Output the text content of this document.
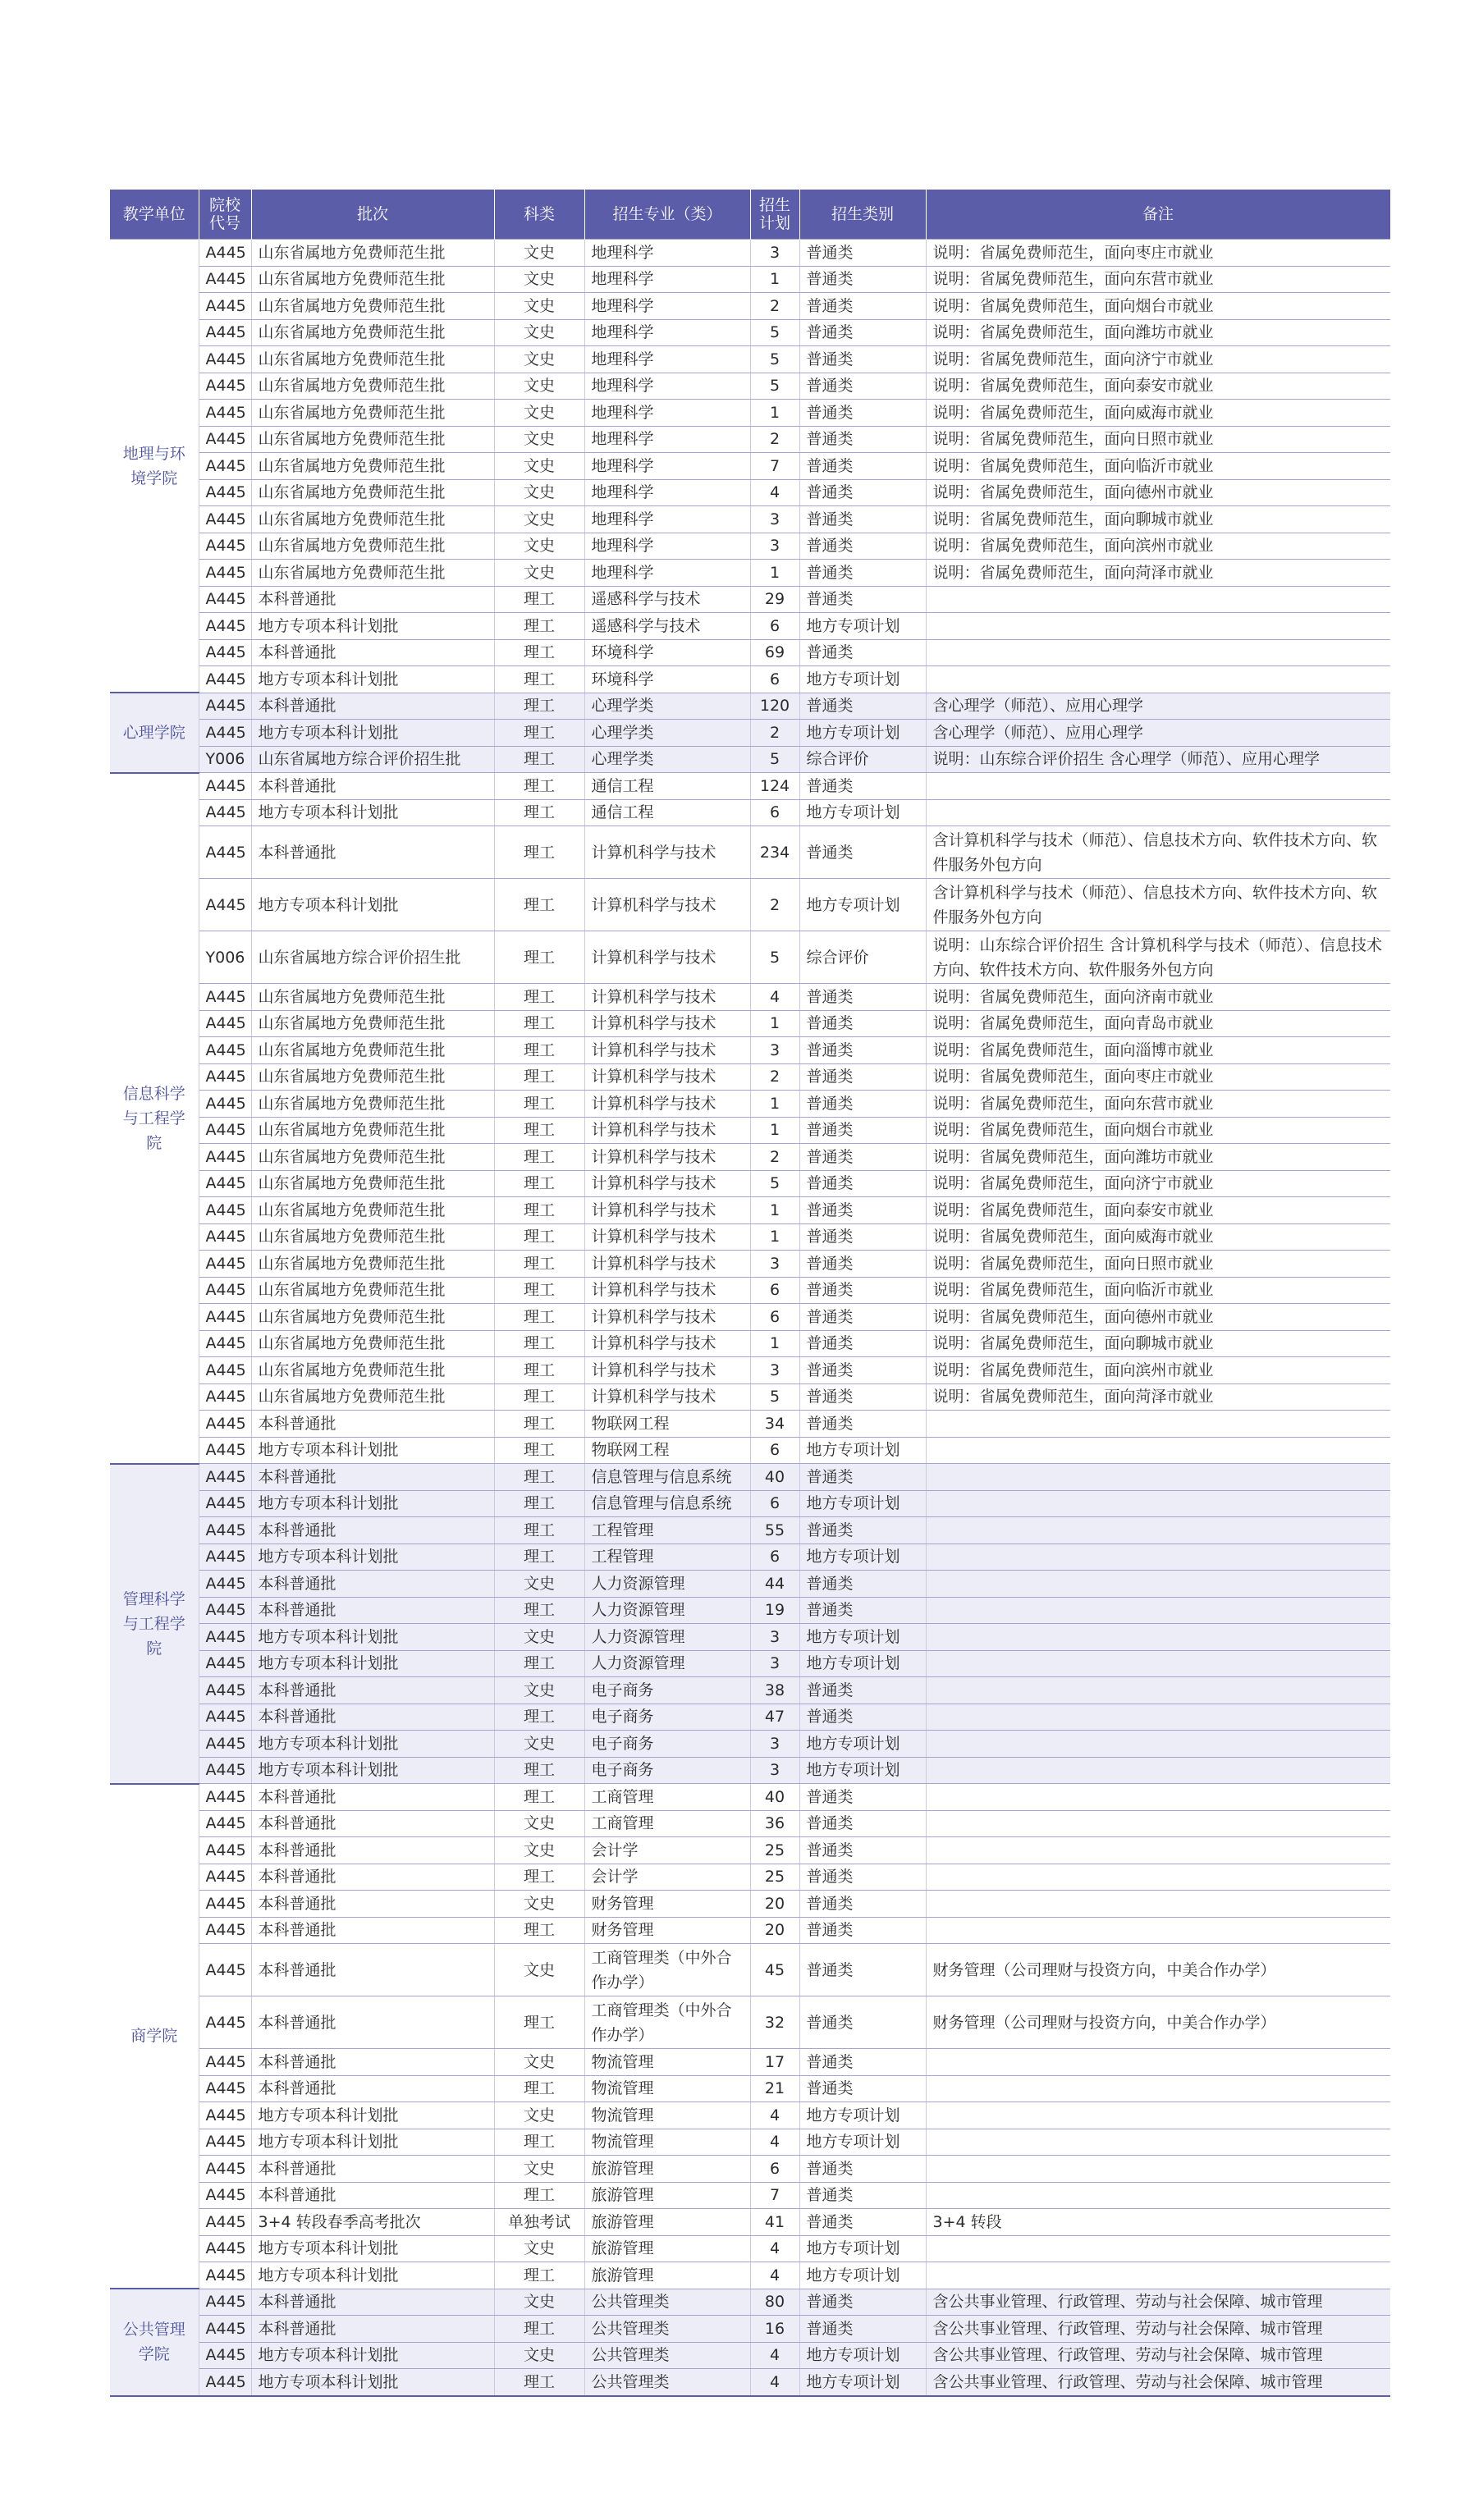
教学单位	院校
代号	批次	科类	招生专业（类）	招生
计划	招生类别	备注
地理与环境学院	A445	山东省属地方免费师范生批	文史	地理科学	3	普通类	说明：省属免费师范生，面向枣庄市就业
	A445	山东省属地方免费师范生批	文史	地理科学	1	普通类	说明：省属免费师范生，面向东营市就业
	A445	山东省属地方免费师范生批	文史	地理科学	2	普通类	说明：省属免费师范生，面向烟台市就业
	A445	山东省属地方免费师范生批	文史	地理科学	5	普通类	说明：省属免费师范生，面向潍坊市就业
	A445	山东省属地方免费师范生批	文史	地理科学	5	普通类	说明：省属免费师范生，面向济宁市就业
	A445	山东省属地方免费师范生批	文史	地理科学	5	普通类	说明：省属免费师范生，面向泰安市就业
	A445	山东省属地方免费师范生批	文史	地理科学	1	普通类	说明：省属免费师范生，面向威海市就业
	A445	山东省属地方免费师范生批	文史	地理科学	2	普通类	说明：省属免费师范生，面向日照市就业
	A445	山东省属地方免费师范生批	文史	地理科学	7	普通类	说明：省属免费师范生，面向临沂市就业
	A445	山东省属地方免费师范生批	文史	地理科学	4	普通类	说明：省属免费师范生，面向德州市就业
	A445	山东省属地方免费师范生批	文史	地理科学	3	普通类	说明：省属免费师范生，面向聊城市就业
	A445	山东省属地方免费师范生批	文史	地理科学	3	普通类	说明：省属免费师范生，面向滨州市就业
	A445	山东省属地方免费师范生批	文史	地理科学	1	普通类	说明：省属免费师范生，面向菏泽市就业
	A445	本科普通批	理工	遥感科学与技术	29	普通类	
	A445	地方专项本科计划批	理工	遥感科学与技术	6	地方专项计划	
	A445	本科普通批	理工	环境科学	69	普通类	
	A445	地方专项本科计划批	理工	环境科学	6	地方专项计划	
心理学院	A445	本科普通批	理工	心理学类	120	普通类	含心理学（师范）、应用心理学
	A445	地方专项本科计划批	理工	心理学类	2	地方专项计划	含心理学（师范）、应用心理学
	Y006	山东省属地方综合评价招生批	理工	心理学类	5	综合评价	说明：山东综合评价招生 含心理学（师范）、应用心理学
信息科学与工程学院	A445	本科普通批	理工	通信工程	124	普通类	
	A445	地方专项本科计划批	理工	通信工程	6	地方专项计划	
	A445	本科普通批	理工	计算机科学与技术	234	普通类	含计算机科学与技术（师范）、信息技术方向、软件技术方向、软件服务外包方向
	A445	地方专项本科计划批	理工	计算机科学与技术	2	地方专项计划	含计算机科学与技术（师范）、信息技术方向、软件技术方向、软件服务外包方向
	Y006	山东省属地方综合评价招生批	理工	计算机科学与技术	5	综合评价	说明：山东综合评价招生 含计算机科学与技术（师范）、信息技术方向、软件技术方向、软件服务外包方向
	A445	山东省属地方免费师范生批	理工	计算机科学与技术	4	普通类	说明：省属免费师范生，面向济南市就业
	A445	山东省属地方免费师范生批	理工	计算机科学与技术	1	普通类	说明：省属免费师范生，面向青岛市就业
	A445	山东省属地方免费师范生批	理工	计算机科学与技术	3	普通类	说明：省属免费师范生，面向淄博市就业
	A445	山东省属地方免费师范生批	理工	计算机科学与技术	2	普通类	说明：省属免费师范生，面向枣庄市就业
	A445	山东省属地方免费师范生批	理工	计算机科学与技术	1	普通类	说明：省属免费师范生，面向东营市就业
	A445	山东省属地方免费师范生批	理工	计算机科学与技术	1	普通类	说明：省属免费师范生，面向烟台市就业
	A445	山东省属地方免费师范生批	理工	计算机科学与技术	2	普通类	说明：省属免费师范生，面向潍坊市就业
	A445	山东省属地方免费师范生批	理工	计算机科学与技术	5	普通类	说明：省属免费师范生，面向济宁市就业
	A445	山东省属地方免费师范生批	理工	计算机科学与技术	1	普通类	说明：省属免费师范生，面向泰安市就业
	A445	山东省属地方免费师范生批	理工	计算机科学与技术	1	普通类	说明：省属免费师范生，面向威海市就业
	A445	山东省属地方免费师范生批	理工	计算机科学与技术	3	普通类	说明：省属免费师范生，面向日照市就业
	A445	山东省属地方免费师范生批	理工	计算机科学与技术	6	普通类	说明：省属免费师范生，面向临沂市就业
	A445	山东省属地方免费师范生批	理工	计算机科学与技术	6	普通类	说明：省属免费师范生，面向德州市就业
	A445	山东省属地方免费师范生批	理工	计算机科学与技术	1	普通类	说明：省属免费师范生，面向聊城市就业
	A445	山东省属地方免费师范生批	理工	计算机科学与技术	3	普通类	说明：省属免费师范生，面向滨州市就业
	A445	山东省属地方免费师范生批	理工	计算机科学与技术	5	普通类	说明：省属免费师范生，面向菏泽市就业
	A445	本科普通批	理工	物联网工程	34	普通类	
	A445	地方专项本科计划批	理工	物联网工程	6	地方专项计划	
管理科学与工程学院	A445	本科普通批	理工	信息管理与信息系统	40	普通类	
	A445	地方专项本科计划批	理工	信息管理与信息系统	6	地方专项计划	
	A445	本科普通批	理工	工程管理	55	普通类	
	A445	地方专项本科计划批	理工	工程管理	6	地方专项计划	
	A445	本科普通批	文史	人力资源管理	44	普通类	
	A445	本科普通批	理工	人力资源管理	19	普通类	
	A445	地方专项本科计划批	文史	人力资源管理	3	地方专项计划	
	A445	地方专项本科计划批	理工	人力资源管理	3	地方专项计划	
	A445	本科普通批	文史	电子商务	38	普通类	
	A445	本科普通批	理工	电子商务	47	普通类	
	A445	地方专项本科计划批	文史	电子商务	3	地方专项计划	
	A445	地方专项本科计划批	理工	电子商务	3	地方专项计划	
商学院	A445	本科普通批	理工	工商管理	40	普通类	
	A445	本科普通批	文史	工商管理	36	普通类	
	A445	本科普通批	文史	会计学	25	普通类	
	A445	本科普通批	理工	会计学	25	普通类	
	A445	本科普通批	文史	财务管理	20	普通类	
	A445	本科普通批	理工	财务管理	20	普通类	
	A445	本科普通批	文史	工商管理类（中外合作办学）	45	普通类	财务管理（公司理财与投资方向，中美合作办学）
	A445	本科普通批	理工	工商管理类（中外合作办学）	32	普通类	财务管理（公司理财与投资方向，中美合作办学）
	A445	本科普通批	文史	物流管理	17	普通类	
	A445	本科普通批	理工	物流管理	21	普通类	
	A445	地方专项本科计划批	文史	物流管理	4	地方专项计划	
	A445	地方专项本科计划批	理工	物流管理	4	地方专项计划	
	A445	本科普通批	文史	旅游管理	6	普通类	
	A445	本科普通批	理工	旅游管理	7	普通类	
	A445	3+4 转段春季高考批次	单独考试	旅游管理	41	普通类	3+4 转段
	A445	地方专项本科计划批	文史	旅游管理	4	地方专项计划	
	A445	地方专项本科计划批	理工	旅游管理	4	地方专项计划	
公共管理学院	A445	本科普通批	文史	公共管理类	80	普通类	含公共事业管理、行政管理、劳动与社会保障、城市管理
	A445	本科普通批	理工	公共管理类	16	普通类	含公共事业管理、行政管理、劳动与社会保障、城市管理
	A445	地方专项本科计划批	文史	公共管理类	4	地方专项计划	含公共事业管理、行政管理、劳动与社会保障、城市管理
	A445	地方专项本科计划批	理工	公共管理类	4	地方专项计划	含公共事业管理、行政管理、劳动与社会保障、城市管理
